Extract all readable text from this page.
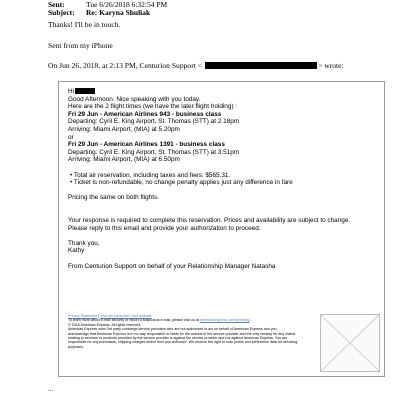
Sent:	Tue 6/26/2018 6:32:54 PM
Subject: Re: Karyna Shuliak
Thanks! I'll be in touch.
Sent from my iPhone
On Jun 26, 2018, at 2:13 PM, Centurion Support <	> wrote:
Hi
Good Afternoon. Nice speaking with you today.
Here are the 2 flight times (we have the later flight holding) :
Fri 29 Jun - American Airlines 943 - business class
Departing: Cyril E. King Airport, St. Thomas (STT) at 2.18pm
Arriving: Miami Airport, (MIA) at 5.20pm
or
Fri 29 Jun - American Airlines 1391 - business class
Departing: Cyril E. King Airport, St. Thomas (STT) at 3.51pm
Arriving: Miami Airport, (MIA) at 6.50pm
• Total air reservation, including taxes and fees: $565.31.
• Ticket is non-refundable, no change penalty applies just any difference in fare
Pricing the same on both flights.
Your response is required to complete this reservation. Prices and availability are subject to change.
Please reply to this email and provide your authorization to proceed.
Thank you,
Kathy
From Centurion Support on behalf of your Relationship Manager Natasha
Privacy Statement | Visit the Centurion Card website
To learn more about e-mail security or report a suspicious e-mail, please visit us at americanexpress.com/phishing.
© 2018 American Express. All rights reserved.
American Express uses 3rd party concierge service providers who are not authorized to act on behalf of American Express and you acknowledge that American Express is in no way responsible or liable for the actions of the service provider and the only remedy for any claims relating to services or products provided by the service provider is against the service provider and not against American Express. You are responsible for any purchases, shipping charges and/or fees you authorize. We reserve the right to note profile and preference data for servicing purposes.
...
